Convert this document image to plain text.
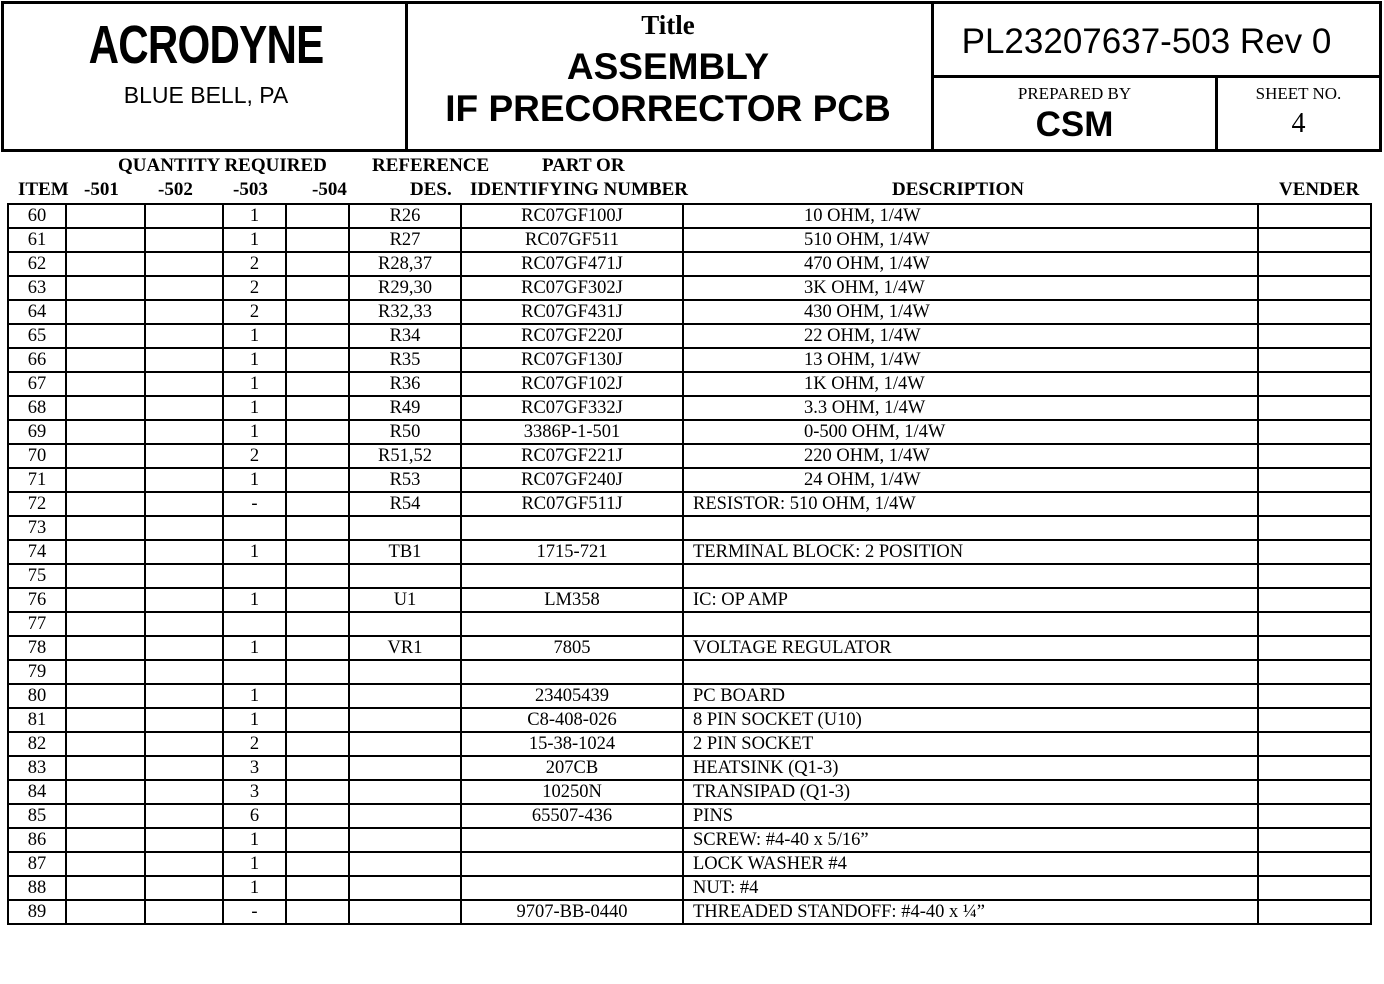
ACRODYNE
BLUE BELL, PA
Title
ASSEMBLY
IF PRECORRECTOR PCB
PL23207637-503 Rev 0
PREPARED BY
CSM
SHEET NO.
4
QUANTITY REQUIRED REFERENCE	PART OR
ITEM -501 -502 -503 -504	DES. IDENTIFYING NUMBER	DESCRIPTION	VENDER
60			1		R26	RC07GF100J	10 OHM, 1/4W	
61			1		R27	RC07GF511	510 OHM, 1/4W	
62			2		R28,37	RC07GF471J	470 OHM, 1/4W	
63			2		R29,30	RC07GF302J	3K OHM, 1/4W	
64			2		R32,33	RC07GF431J	430 OHM, 1/4W	
65			1		R34	RC07GF220J	22 OHM, 1/4W	
66			1		R35	RC07GF130J	13 OHM, 1/4W	
67			1		R36	RC07GF102J	1K OHM, 1/4W	
68			1		R49	RC07GF332J	3.3 OHM, 1/4W	
69			1		R50	3386P-1-501	0-500 OHM, 1/4W	
70			2		R51,52	RC07GF221J	220 OHM, 1/4W	
71			1		R53	RC07GF240J	24 OHM, 1/4W	
72			-		R54	RC07GF511J	RESISTOR: 510 OHM, 1/4W	
73								
74			1		TB1	1715-721	TERMINAL BLOCK: 2 POSITION	
75								
76			1		U1	LM358	IC: OP AMP	
77								
78			1		VR1	7805	VOLTAGE REGULATOR	
79								
80			1			23405439	PC BOARD	
81			1			C8-408-026	8 PIN SOCKET (U10)	
82			2			15-38-1024	2 PIN SOCKET	
83			3			207CB	HEATSINK (Q1-3)	
84			3			10250N	TRANSIPAD (Q1-3)	
85			6			65507-436	PINS	
86			1				SCREW: #4-40 x 5/16”	
87			1				LOCK WASHER #4	
88			1				NUT: #4	
89			-			9707-BB-0440	THREADED STANDOFF: #4-40 x ¼”	
